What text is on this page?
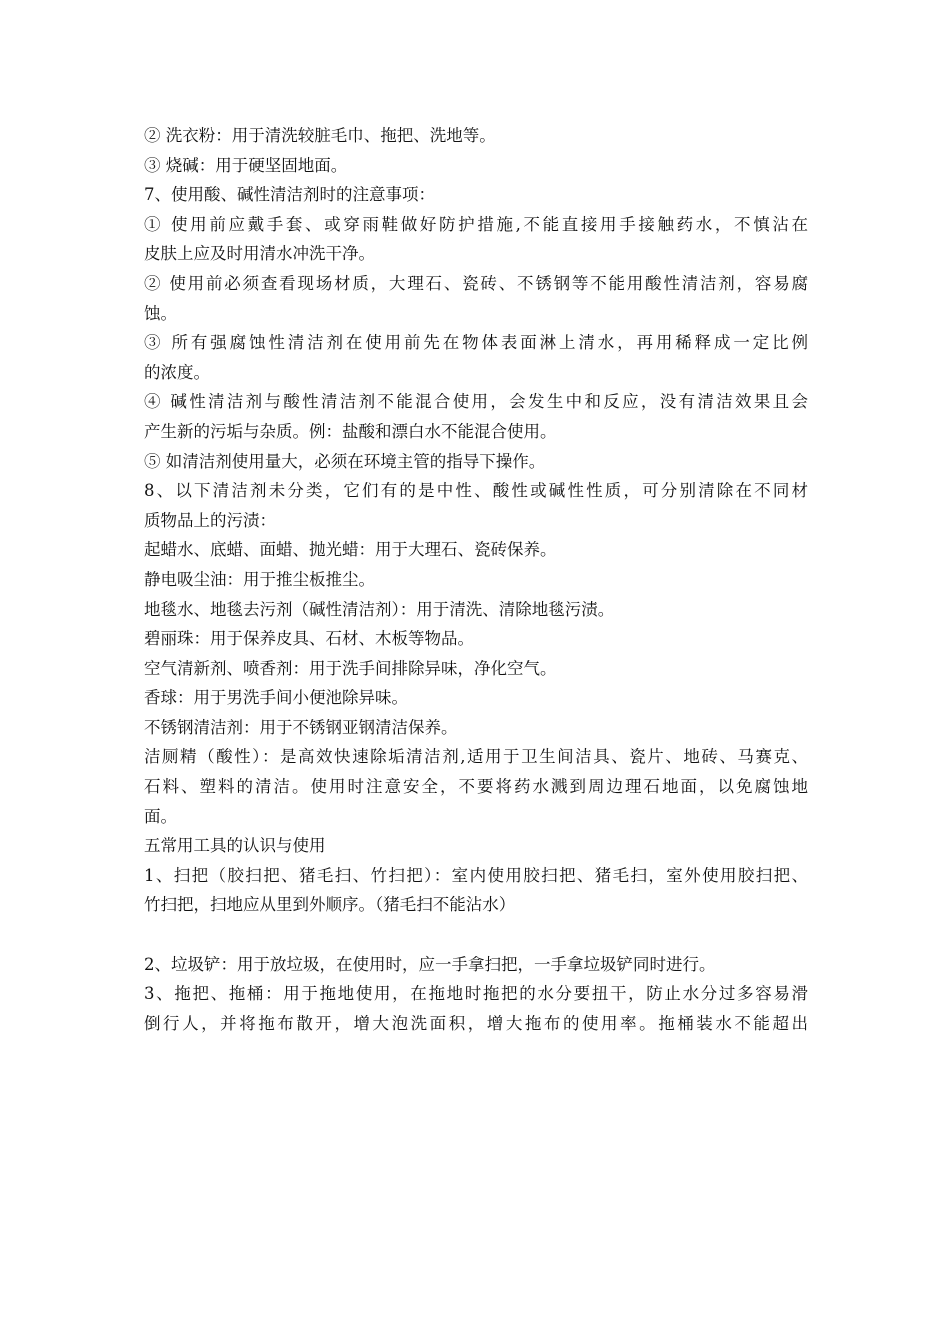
② 洗衣粉：用于清洗较脏毛巾、拖把、洗地等。
③ 烧碱：用于硬坚固地面。
7、使用酸、碱性清洁剂时的注意事项：
① 使用前应戴手套、或穿雨鞋做好防护措施,不能直接用手接触药水，不慎沾在
皮肤上应及时用清水冲洗干净。
② 使用前必须查看现场材质，大理石、瓷砖、不锈钢等不能用酸性清洁剂，容易腐
蚀。
③ 所有强腐蚀性清洁剂在使用前先在物体表面淋上清水，再用稀释成一定比例
的浓度。
④ 碱性清洁剂与酸性清洁剂不能混合使用，会发生中和反应，没有清洁效果且会
产生新的污垢与杂质。例：盐酸和漂白水不能混合使用。
⑤ 如清洁剂使用量大，必须在环境主管的指导下操作。
8、以下清洁剂未分类，它们有的是中性、酸性或碱性性质，可分别清除在不同材
质物品上的污渍：
起蜡水、底蜡、面蜡、抛光蜡：用于大理石、瓷砖保养。
静电吸尘油：用于推尘板推尘。
地毯水、地毯去污剂（碱性清洁剂）：用于清洗、清除地毯污渍。
碧丽珠：用于保养皮具、石材、木板等物品。
空气清新剂、喷香剂：用于洗手间排除异味，净化空气。
香球：用于男洗手间小便池除异味。
不锈钢清洁剂：用于不锈钢亚钢清洁保养。
洁厕精（酸性）：是高效快速除垢清洁剂,适用于卫生间洁具、瓷片、地砖、马赛克、
石料、塑料的清洁。使用时注意安全，不要将药水溅到周边理石地面，以免腐蚀地
面。
五常用工具的认识与使用
1、扫把（胶扫把、猪毛扫、竹扫把）：室内使用胶扫把、猪毛扫，室外使用胶扫把、
竹扫把，扫地应从里到外顺序。（猪毛扫不能沾水）
2、垃圾铲：用于放垃圾，在使用时，应一手拿扫把，一手拿垃圾铲同时进行。
3、拖把、拖桶：用于拖地使用，在拖地时拖把的水分要扭干，防止水分过多容易滑
倒行人，并将拖布散开，增大泡洗面积，增大拖布的使用率。拖桶装水不能超出
